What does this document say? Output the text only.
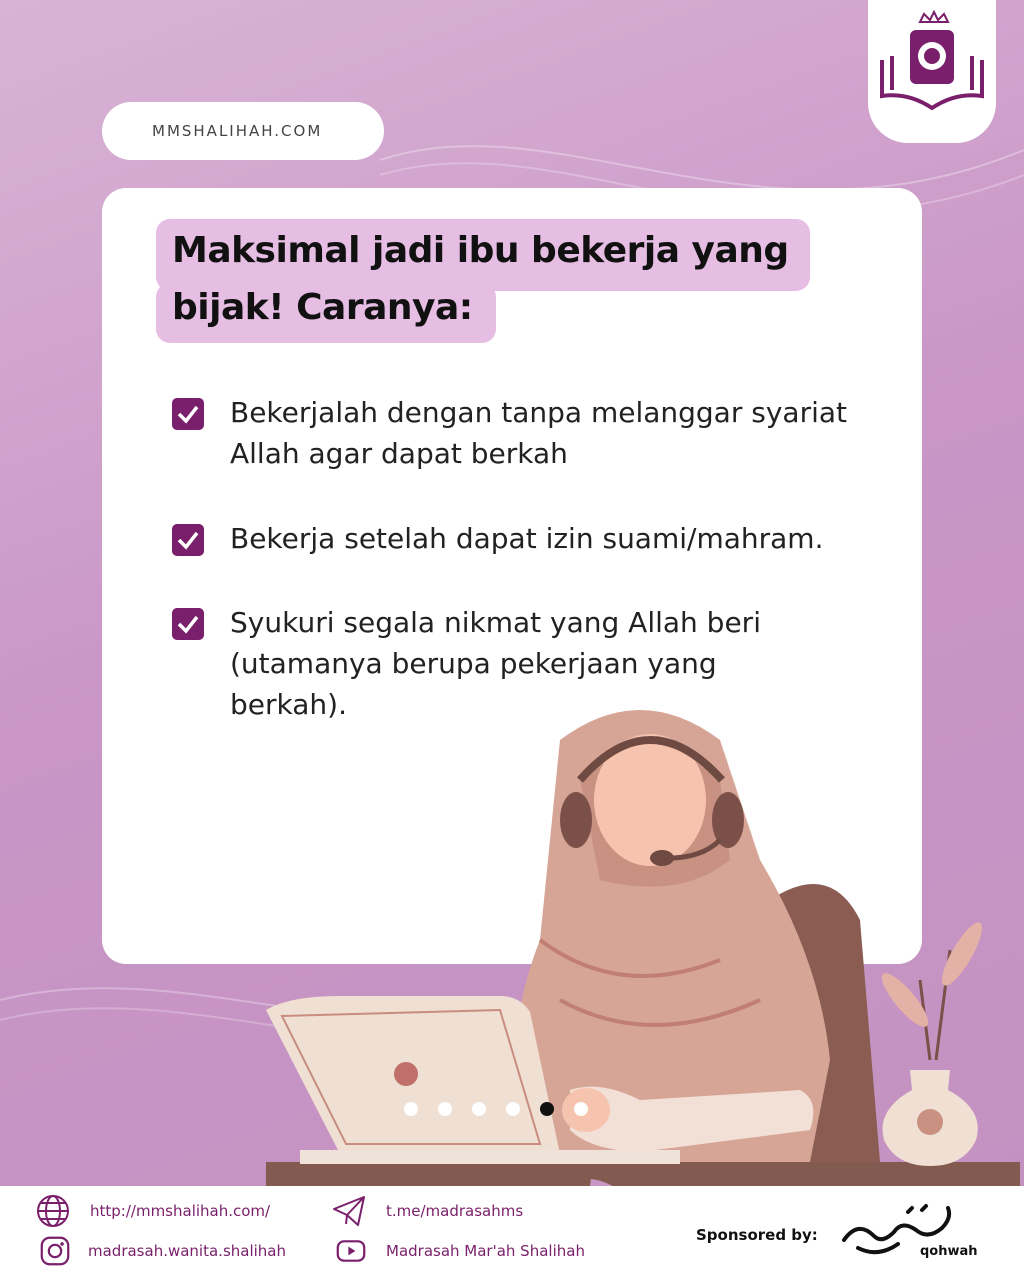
MMSHALIHAH.COM
Maksimal jadi ibu bekerja yang
bijak! Caranya:
Bekerjalah dengan tanpa melanggar syariat Allah agar dapat berkah
Bekerja setelah dapat izin suami/mahram.
Syukuri segala nikmat yang Allah beri (utamanya berupa pekerjaan yang berkah).
http://mmshalihah.com/
madrasah.wanita.shalihah
t.me/madrasahms
Madrasah Mar'ah Shalihah
Sponsored by:
qohwah
